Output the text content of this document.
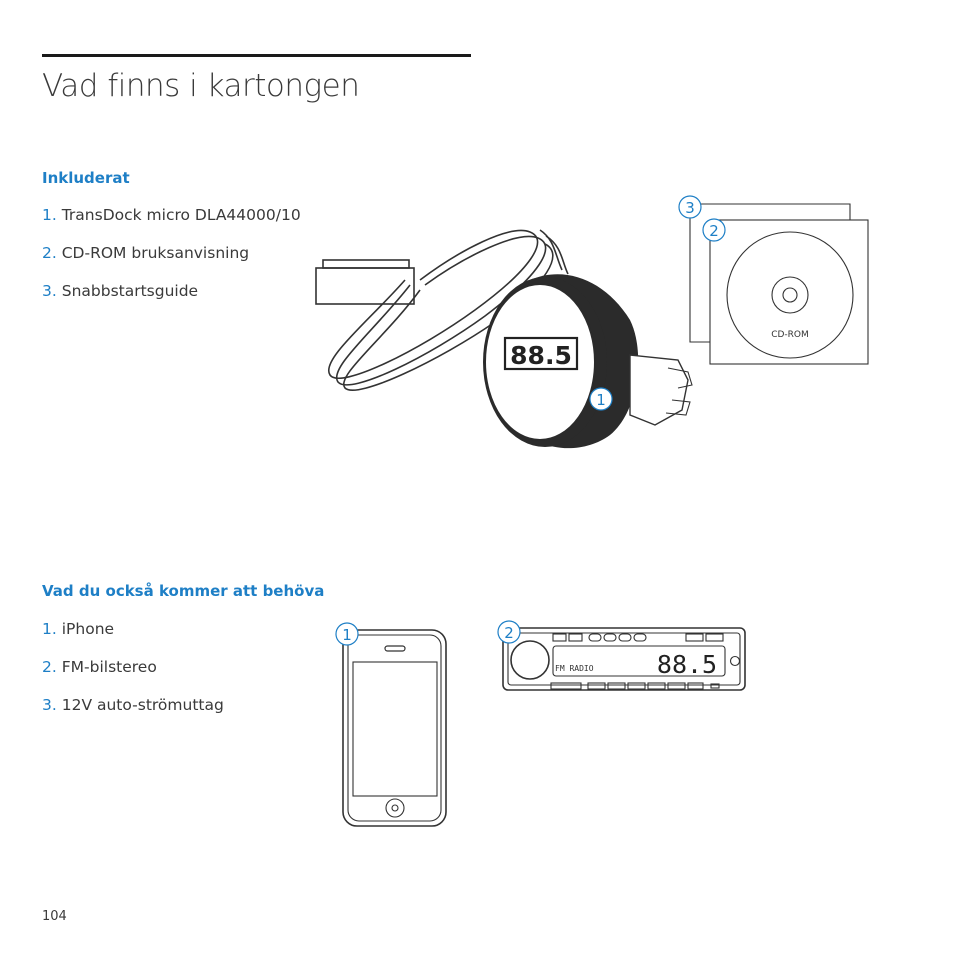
Vad finns i kartongen
Inkluderat
1. TransDock micro DLA44000/10
2. CD-ROM bruksanvisning
3. Snabbstartsguide
Vad du också kommer att behöva
1. iPhone
2. FM-bilstereo
3. 12V auto-strömuttag
88.5
1
CD-ROM
3
2
1
FM RADIO	88.5
2
104
